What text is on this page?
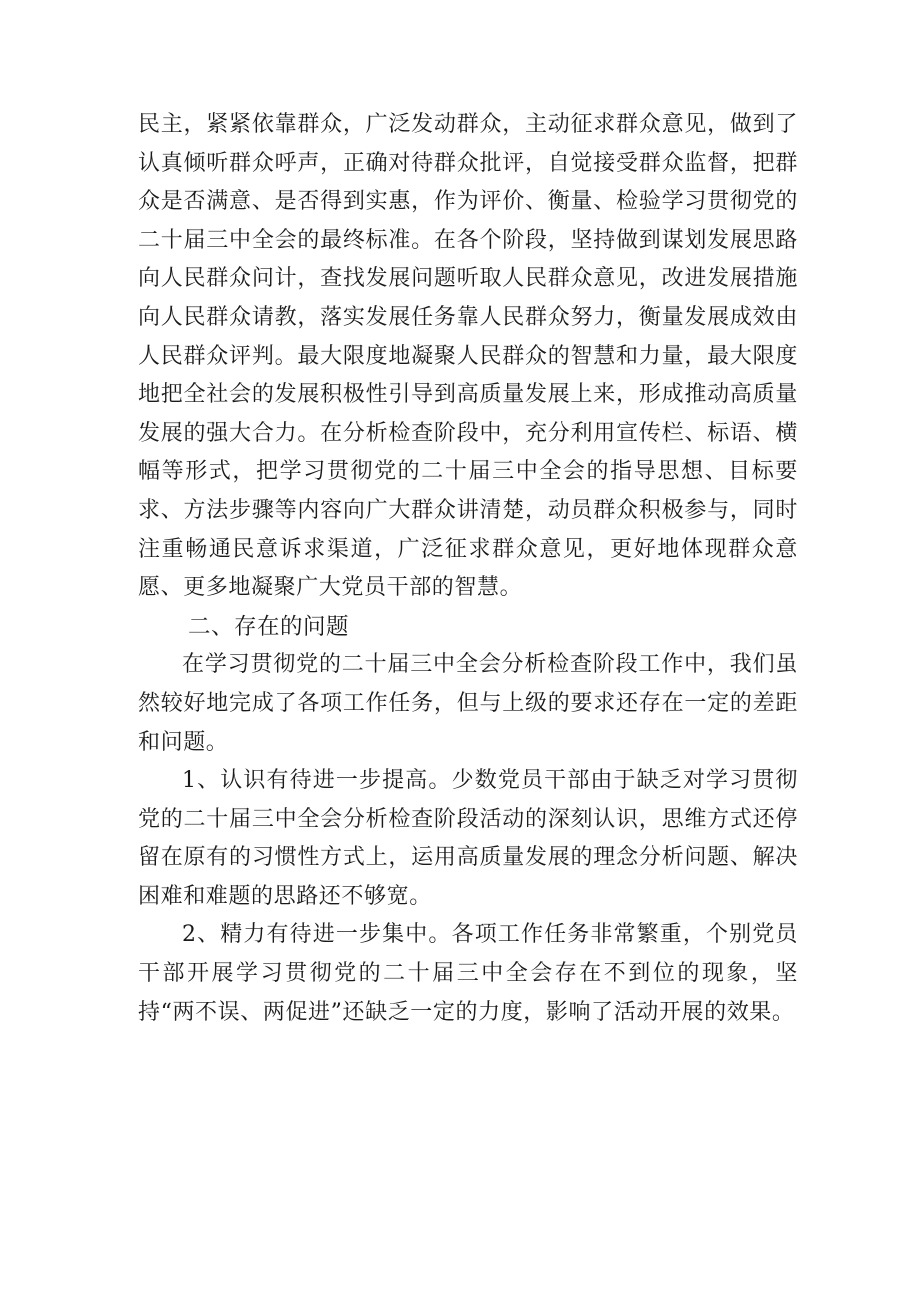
民主，紧紧依靠群众，广泛发动群众，主动征求群众意见，做到了认真倾听群众呼声，正确对待群众批评，自觉接受群众监督，把群众是否满意、是否得到实惠，作为评价、衡量、检验学习贯彻党的二十届三中全会的最终标准。在各个阶段，坚持做到谋划发展思路向人民群众问计，查找发展问题听取人民群众意见，改进发展措施向人民群众请教，落实发展任务靠人民群众努力，衡量发展成效由人民群众评判。最大限度地凝聚人民群众的智慧和力量，最大限度地把全社会的发展积极性引导到高质量发展上来，形成推动高质量发展的强大合力。在分析检查阶段中，充分利用宣传栏、标语、横幅等形式，把学习贯彻党的二十届三中全会的指导思想、目标要求、方法步骤等内容向广大群众讲清楚，动员群众积极参与，同时注重畅通民意诉求渠道，广泛征求群众意见，更好地体现群众意愿、更多地凝聚广大党员干部的智慧。

二、存在的问题

在学习贯彻党的二十届三中全会分析检查阶段工作中，我们虽然较好地完成了各项工作任务，但与上级的要求还存在一定的差距和问题。

1、认识有待进一步提高。少数党员干部由于缺乏对学习贯彻党的二十届三中全会分析检查阶段活动的深刻认识，思维方式还停留在原有的习惯性方式上，运用高质量发展的理念分析问题、解决困难和难题的思路还不够宽。

2、精力有待进一步集中。各项工作任务非常繁重，个别党员干部开展学习贯彻党的二十届三中全会存在不到位的现象，坚持“两不误、两促进”还缺乏一定的力度，影响了活动开展的效果。
